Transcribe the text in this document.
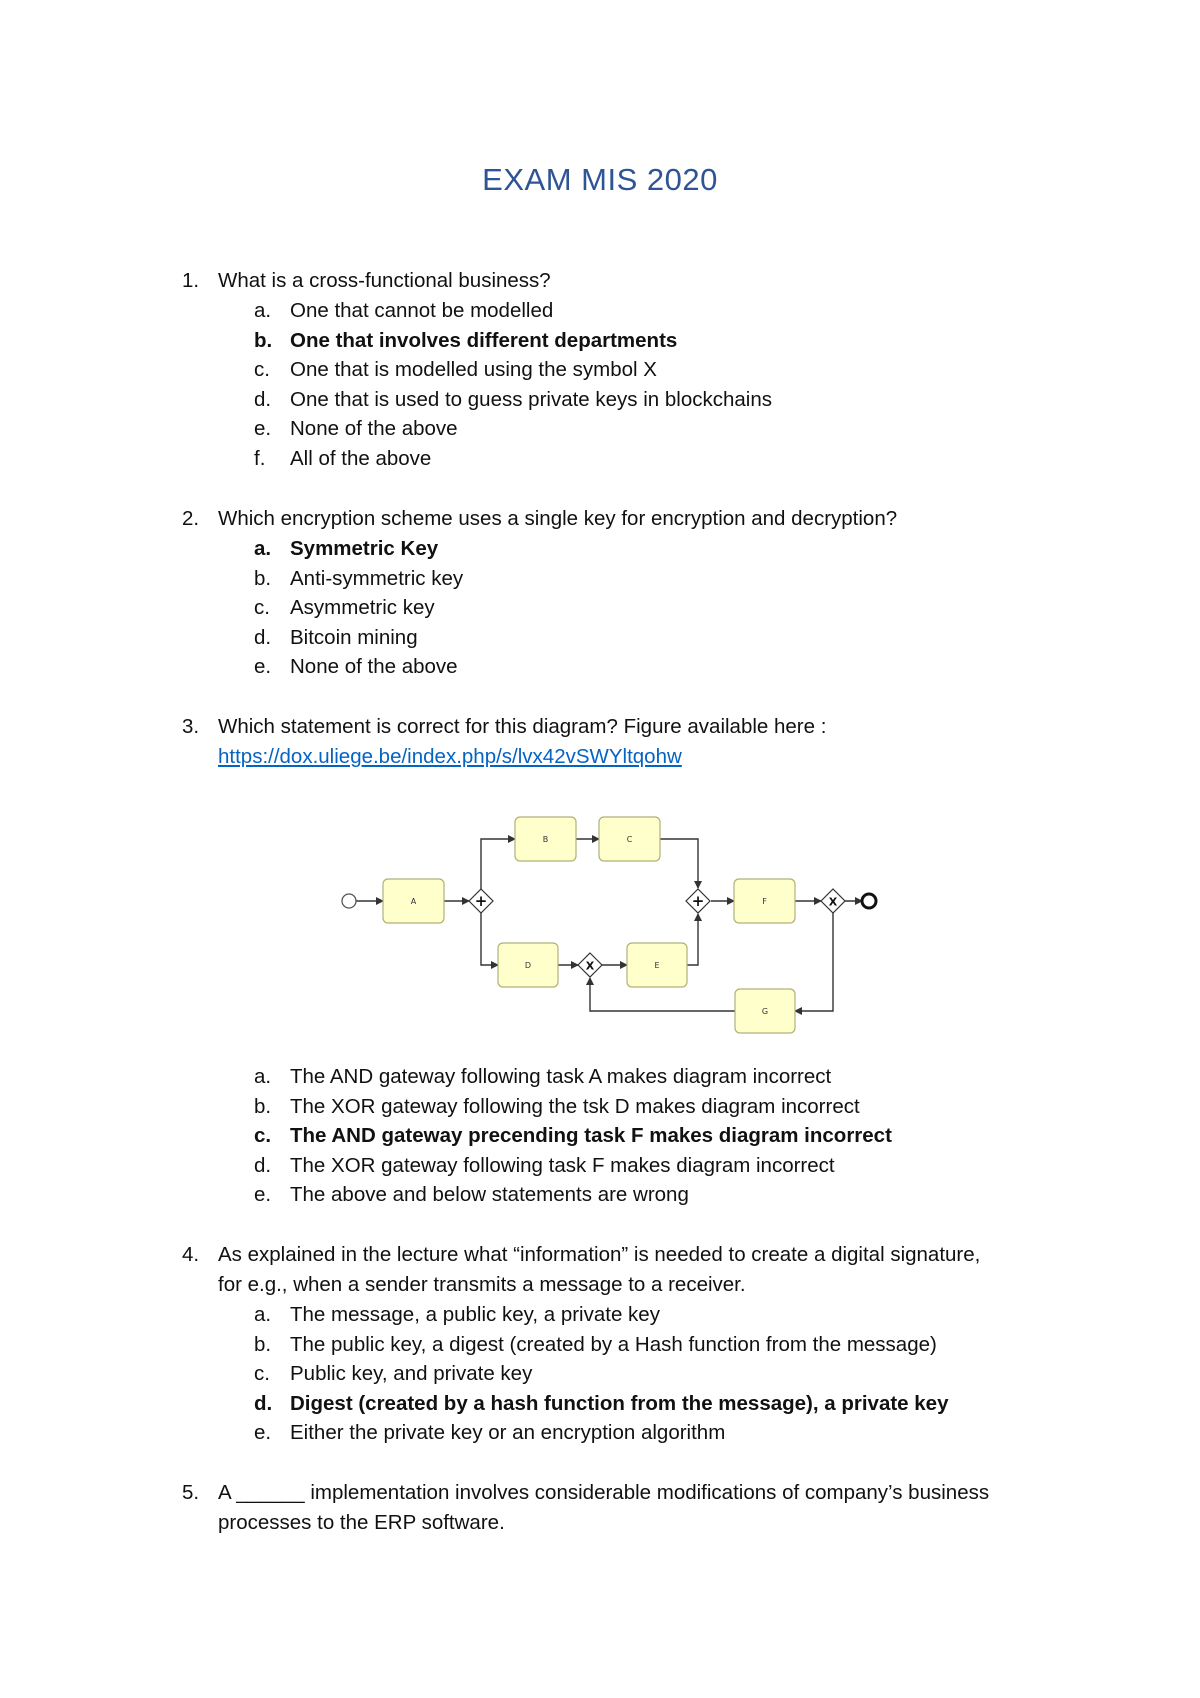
EXAM MIS 2020
1. What is a cross-functional business?
a. One that cannot be modelled
b. One that involves different departments
c. One that is modelled using the symbol X
d. One that is used to guess private keys in blockchains
e. None of the above
f. All of the above
2. Which encryption scheme uses a single key for encryption and decryption?
a. Symmetric Key
b. Anti-symmetric key
c. Asymmetric key
d. Bitcoin mining
e. None of the above
3. Which statement is correct for this diagram? Figure available here :
https://dox.uliege.be/index.php/s/lvx42vSWYltqohw
A
B	C
D	E
F
G
+
X
+	X
a. The AND gateway following task A makes diagram incorrect
b. The XOR gateway following the tsk D makes diagram incorrect
c. The AND gateway precending task F makes diagram incorrect
d. The XOR gateway following task F makes diagram incorrect
e. The above and below statements are wrong
4. As explained in the lecture what “information” is needed to create a digital signature,
for e.g., when a sender transmits a message to a receiver.
a. The message, a public key, a private key
b. The public key, a digest (created by a Hash function from the message)
c. Public key, and private key
d. Digest (created by a hash function from the message), a private key
e. Either the private key or an encryption algorithm
5. A ______ implementation involves considerable modifications of company’s business
processes to the ERP software.
